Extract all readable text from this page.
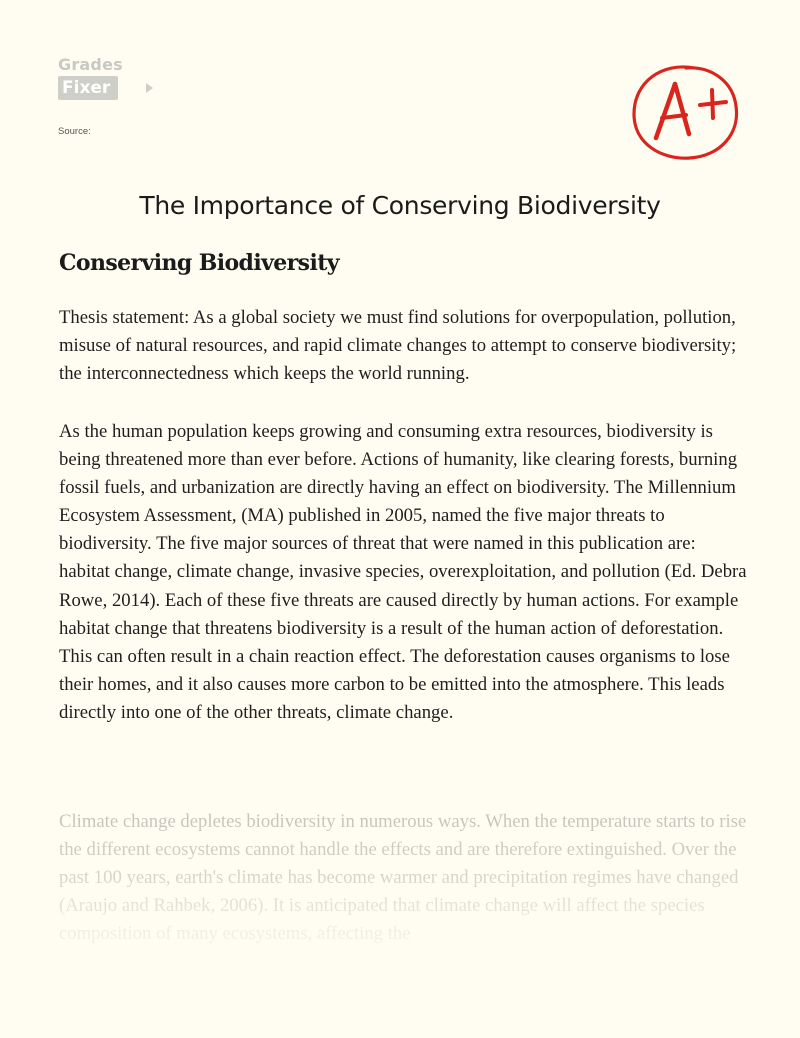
Grades
Fixer
Source:
The Importance of Conserving Biodiversity
Conserving Biodiversity

Thesis statement: As a global society we must find solutions for overpopulation, pollution, misuse of natural resources, and rapid climate changes to attempt to conserve biodiversity; the interconnectedness which keeps the world running.

As the human population keeps growing and consuming extra resources, biodiversity is being threatened more than ever before. Actions of humanity, like clearing forests, burning fossil fuels, and urbanization are directly having an effect on biodiversity. The Millennium Ecosystem Assessment, (MA) published in 2005, named the five major threats to biodiversity. The five major sources of threat that were named in this publication are: habitat change, climate change, invasive species, overexploitation, and pollution (Ed. Debra Rowe, 2014). Each of these five threats are caused directly by human actions. For example habitat change that threatens biodiversity is a result of the human action of deforestation. This can often result in a chain reaction effect. The deforestation causes organisms to lose their homes, and it also causes more carbon to be emitted into the atmosphere. This leads directly into one of the other threats, climate change.
